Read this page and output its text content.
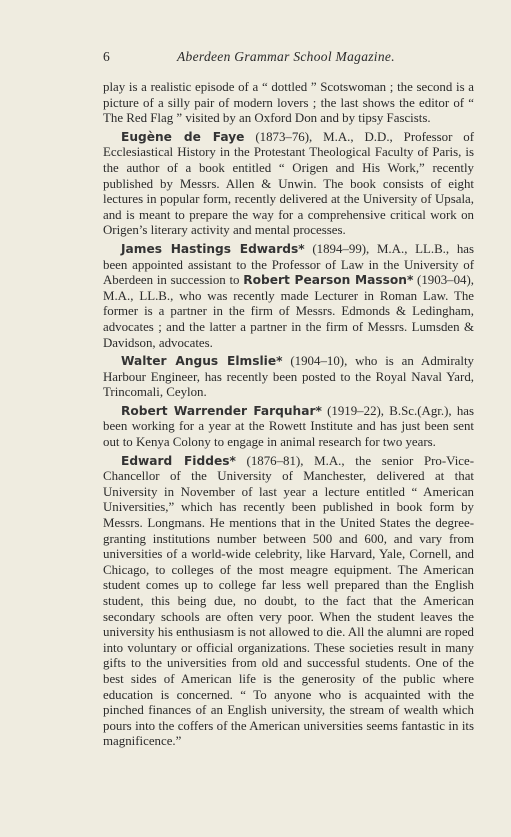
6	Aberdeen Grammar School Magazine.

play is a realistic episode of a “ dottled ” Scotswoman ; the second is a picture of a silly pair of modern lovers ; the last shows the editor of “ The Red Flag ” visited by an Oxford Don and by tipsy Fascists.

Eugène de Faye (1873–76), M.A., D.D., Professor of Ecclesiastical History in the Protestant Theological Faculty of Paris, is the author of a book entitled “ Origen and His Work,” recently published by Messrs. Allen & Unwin. The book consists of eight lectures in popular form, recently delivered at the University of Upsala, and is meant to prepare the way for a comprehensive critical work on Origen’s literary activity and mental processes.

James Hastings Edwards* (1894–99), M.A., LL.B., has been appointed assistant to the Professor of Law in the University of Aberdeen in succession to Robert Pearson Masson* (1903–04), M.A., LL.B., who was recently made Lecturer in Roman Law. The former is a partner in the firm of Messrs. Edmonds & Ledingham, advocates ; and the latter a partner in the firm of Messrs. Lumsden & Davidson, advocates.

Walter Angus Elmslie* (1904–10), who is an Admiralty Harbour Engineer, has recently been posted to the Royal Naval Yard, Trincomali, Ceylon.

Robert Warrender Farquhar* (1919–22), B.Sc.(Agr.), has been working for a year at the Rowett Institute and has just been sent out to Kenya Colony to engage in animal research for two years.

Edward Fiddes* (1876–81), M.A., the senior Pro-Vice-Chancellor of the University of Manchester, delivered at that University in November of last year a lecture entitled “ American Universities,” which has recently been published in book form by Messrs. Longmans. He mentions that in the United States the degree-granting institutions number between 500 and 600, and vary from universities of a world-wide celebrity, like Harvard, Yale, Cornell, and Chicago, to colleges of the most meagre equipment. The American student comes up to college far less well prepared than the English student, this being due, no doubt, to the fact that the American secondary schools are often very poor. When the student leaves the university his enthusiasm is not allowed to die. All the alumni are roped into voluntary or official organizations. These societies result in many gifts to the universities from old and successful students. One of the best sides of American life is the generosity of the public where education is concerned. “ To anyone who is acquainted with the pinched finances of an English university, the stream of wealth which pours into the coffers of the American universities seems fantastic in its magnificence.”
